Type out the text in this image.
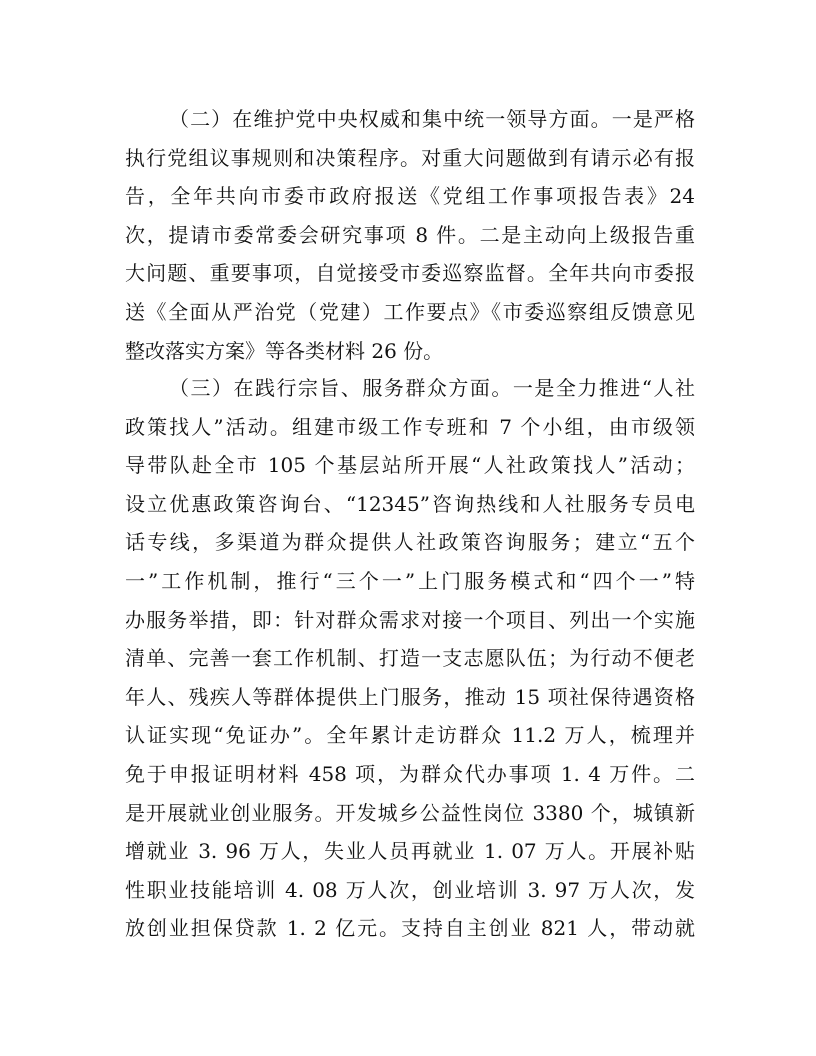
（二）在维护党中央权威和集中统一领导方面。一是严格
执行党组议事规则和决策程序。对重大问题做到有请示必有报
告，全年共向市委市政府报送《党组工作事项报告表》24
次，提请市委常委会研究事项 8 件。二是主动向上级报告重
大问题、重要事项，自觉接受市委巡察监督。全年共向市委报
送《全面从严治党（党建）工作要点》《市委巡察组反馈意见
整改落实方案》等各类材料 26 份。
（三）在践行宗旨、服务群众方面。一是全力推进“人社
政策找人”活动。组建市级工作专班和 7 个小组，由市级领
导带队赴全市 105 个基层站所开展“人社政策找人”活动；
设立优惠政策咨询台、“12345”咨询热线和人社服务专员电
话专线，多渠道为群众提供人社政策咨询服务；建立“五个
一”工作机制，推行“三个一”上门服务模式和“四个一”特
办服务举措，即：针对群众需求对接一个项目、列出一个实施
清单、完善一套工作机制、打造一支志愿队伍；为行动不便老
年人、残疾人等群体提供上门服务，推动 15 项社保待遇资格
认证实现“免证办”。全年累计走访群众 11.2 万人，梳理并
免于申报证明材料 458 项，为群众代办事项 1. 4 万件。二
是开展就业创业服务。开发城乡公益性岗位 3380 个，城镇新
增就业 3. 96 万人，失业人员再就业 1. 07 万人。开展补贴
性职业技能培训 4. 08 万人次，创业培训 3. 97 万人次，发
放创业担保贷款 1. 2 亿元。支持自主创业 821 人，带动就
